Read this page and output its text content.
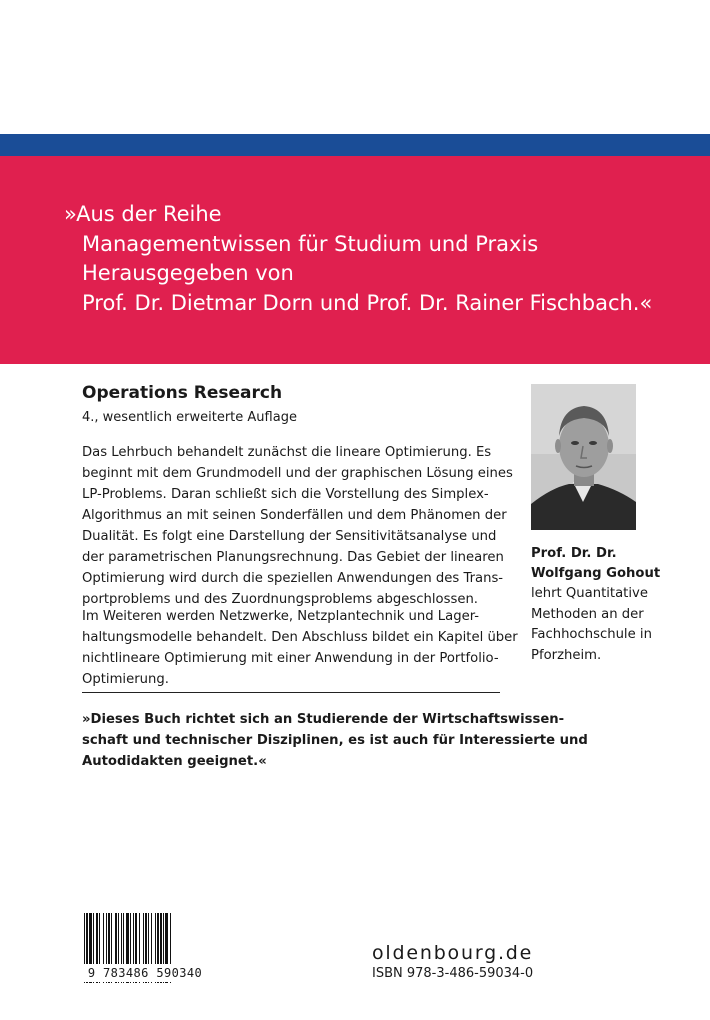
»Aus der Reihe
Managementwissen für Studium und Praxis
Herausgegeben von
Prof. Dr. Dietmar Dorn und Prof. Dr. Rainer Fischbach.«
Operations Research
4., wesentlich erweiterte Auflage
Das Lehrbuch behandelt zunächst die lineare Optimierung. Es
beginnt mit dem Grundmodell und der graphischen Lösung eines
LP-Problems. Daran schließt sich die Vorstellung des Simplex-
Algorithmus an mit seinen Sonderfällen und dem Phänomen der
Dualität. Es folgt eine Darstellung der Sensitivitätsanalyse und
der parametrischen Planungsrechnung. Das Gebiet der linearen
Optimierung wird durch die speziellen Anwendungen des Trans-
portproblems und des Zuordnungsproblems abgeschlossen.
Im Weiteren werden Netzwerke, Netzplantechnik und Lager-
haltungsmodelle behandelt. Den Abschluss bildet ein Kapitel über
nichtlineare Optimierung mit einer Anwendung in der Portfolio-
Optimierung.
»Dieses Buch richtet sich an Studierende der Wirtschaftswissen-
schaft und technischer Disziplinen, es ist auch für Interessierte und
Autodidakten geeignet.«
Prof. Dr. Dr.
Wolfgang Gohout
lehrt Quantitative
Methoden an der
Fachhochschule in
Pforzheim.
9 783486 590340
oldenbourg.de
ISBN 978-3-486-59034-0
